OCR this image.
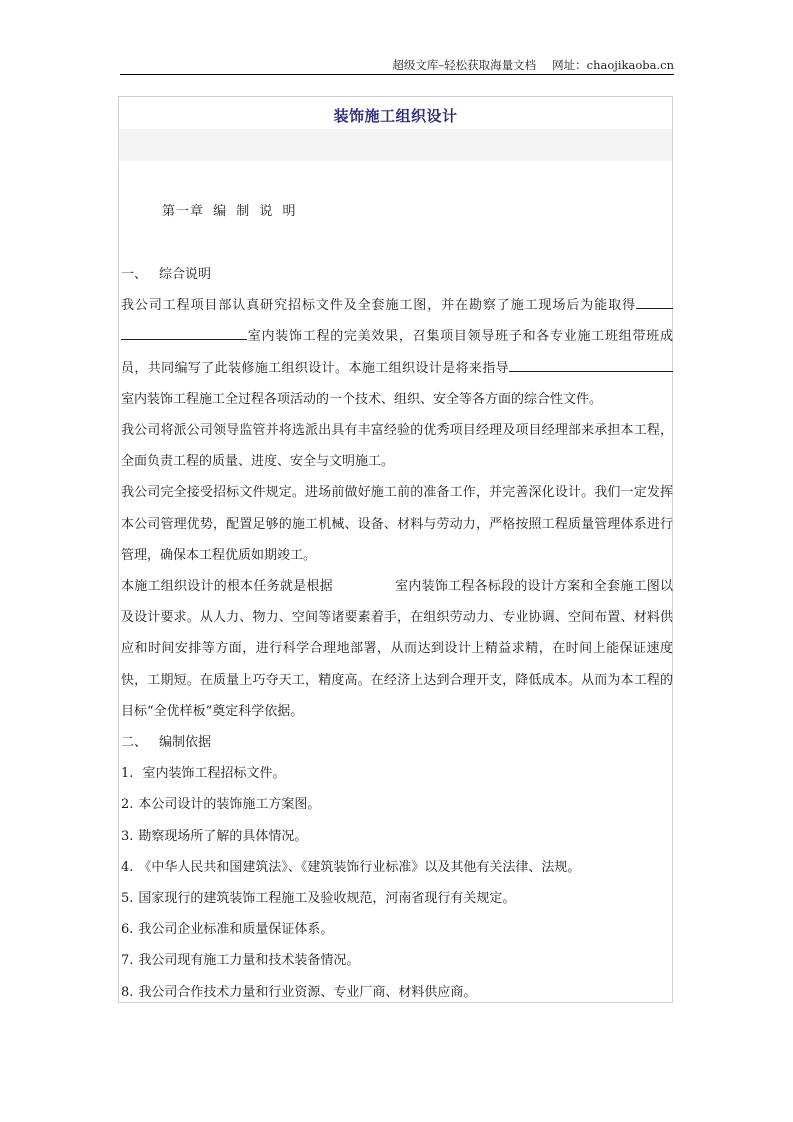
超级文库–轻松获取海量文档 网址：chaojikaoba.cn
装饰施工组织设计
第一章 编 制 说 明

一、 综合说明

我公司工程项目部认真研究招标文件及全套施工图，并在勘察了施工现场后为能取得室内装饰工程的完美效果，召集项目领导班子和各专业施工班组带班成员，共同编写了此装修施工组织设计。本施工组织设计是将来指导室内装饰工程施工全过程各项活动的一个技术、组织、安全等各方面的综合性文件。

我公司将派公司领导监管并将选派出具有丰富经验的优秀项目经理及项目经理部来承担本工程，全面负责工程的质量、进度、安全与文明施工。

我公司完全接受招标文件规定。进场前做好施工前的准备工作，并完善深化设计。我们一定发挥本公司管理优势，配置足够的施工机械、设备、材料与劳动力，严格按照工程质量管理体系进行管理，确保本工程优质如期竣工。

本施工组织设计的根本任务就是根据	室内装饰工程各标段的设计方案和全套施工图以及设计要求。从人力、物力、空间等诸要素着手，在组织劳动力、专业协调、空间布置、材料供应和时间安排等方面，进行科学合理地部署，从而达到设计上精益求精，在时间上能保证速度快，工期短。在质量上巧夺天工，精度高。在经济上达到合理开支，降低成本。从而为本工程的目标“全优样板”奠定科学依据。

二、 编制依据

1. 室内装饰工程招标文件。

2. 本公司设计的装饰施工方案图。

3. 勘察现场所了解的具体情况。

4. 《中华人民共和国建筑法》、《建筑装饰行业标准》以及其他有关法律、法规。

5. 国家现行的建筑装饰工程施工及验收规范，河南省现行有关规定。

6. 我公司企业标准和质量保证体系。

7. 我公司现有施工力量和技术装备情况。

8. 我公司合作技术力量和行业资源、专业厂商、材料供应商。
